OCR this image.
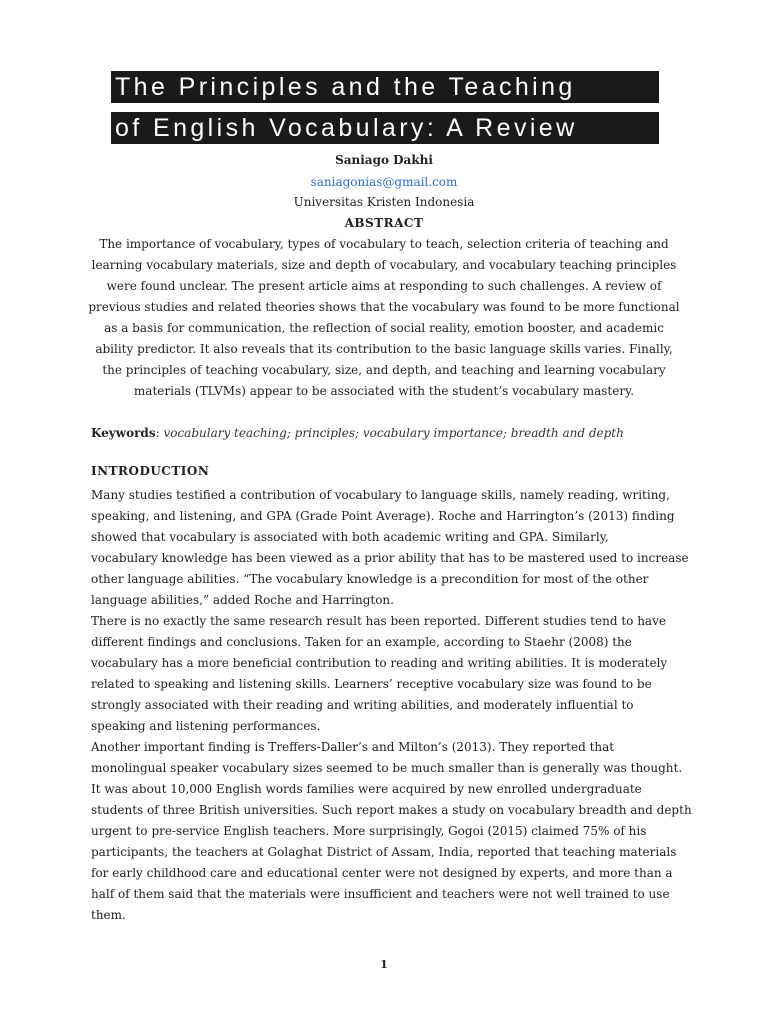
The Principles and the Teaching
of English Vocabulary: A Review
Saniago Dakhi
saniagonias@gmail.com
Universitas Kristen Indonesia
ABSTRACT
The importance of vocabulary, types of vocabulary to teach, selection criteria of teaching and
learning vocabulary materials, size and depth of vocabulary, and vocabulary teaching principles
were found unclear. The present article aims at responding to such challenges. A review of
previous studies and related theories shows that the vocabulary was found to be more functional
as a basis for communication, the reflection of social reality, emotion booster, and academic
ability predictor. It also reveals that its contribution to the basic language skills varies. Finally,
the principles of teaching vocabulary, size, and depth, and teaching and learning vocabulary
materials (TLVMs) appear to be associated with the student’s vocabulary mastery.
Keywords: vocabulary teaching; principles; vocabulary importance; breadth and depth
INTRODUCTION
Many studies testified a contribution of vocabulary to language skills, namely reading, writing,
speaking, and listening, and GPA (Grade Point Average). Roche and Harrington’s (2013) finding
showed that vocabulary is associated with both academic writing and GPA. Similarly,
vocabulary knowledge has been viewed as a prior ability that has to be mastered used to increase
other language abilities. “The vocabulary knowledge is a precondition for most of the other
language abilities,” added Roche and Harrington.
There is no exactly the same research result has been reported. Different studies tend to have
different findings and conclusions. Taken for an example, according to Staehr (2008) the
vocabulary has a more beneficial contribution to reading and writing abilities. It is moderately
related to speaking and listening skills. Learners’ receptive vocabulary size was found to be
strongly associated with their reading and writing abilities, and moderately influential to
speaking and listening performances.
Another important finding is Treffers-Daller’s and Milton’s (2013). They reported that
monolingual speaker vocabulary sizes seemed to be much smaller than is generally was thought.
It was about 10,000 English words families were acquired by new enrolled undergraduate
students of three British universities. Such report makes a study on vocabulary breadth and depth
urgent to pre-service English teachers. More surprisingly, Gogoi (2015) claimed 75% of his
participants, the teachers at Golaghat District of Assam, India, reported that teaching materials
for early childhood care and educational center were not designed by experts, and more than a
half of them said that the materials were insufficient and teachers were not well trained to use
them.
1
